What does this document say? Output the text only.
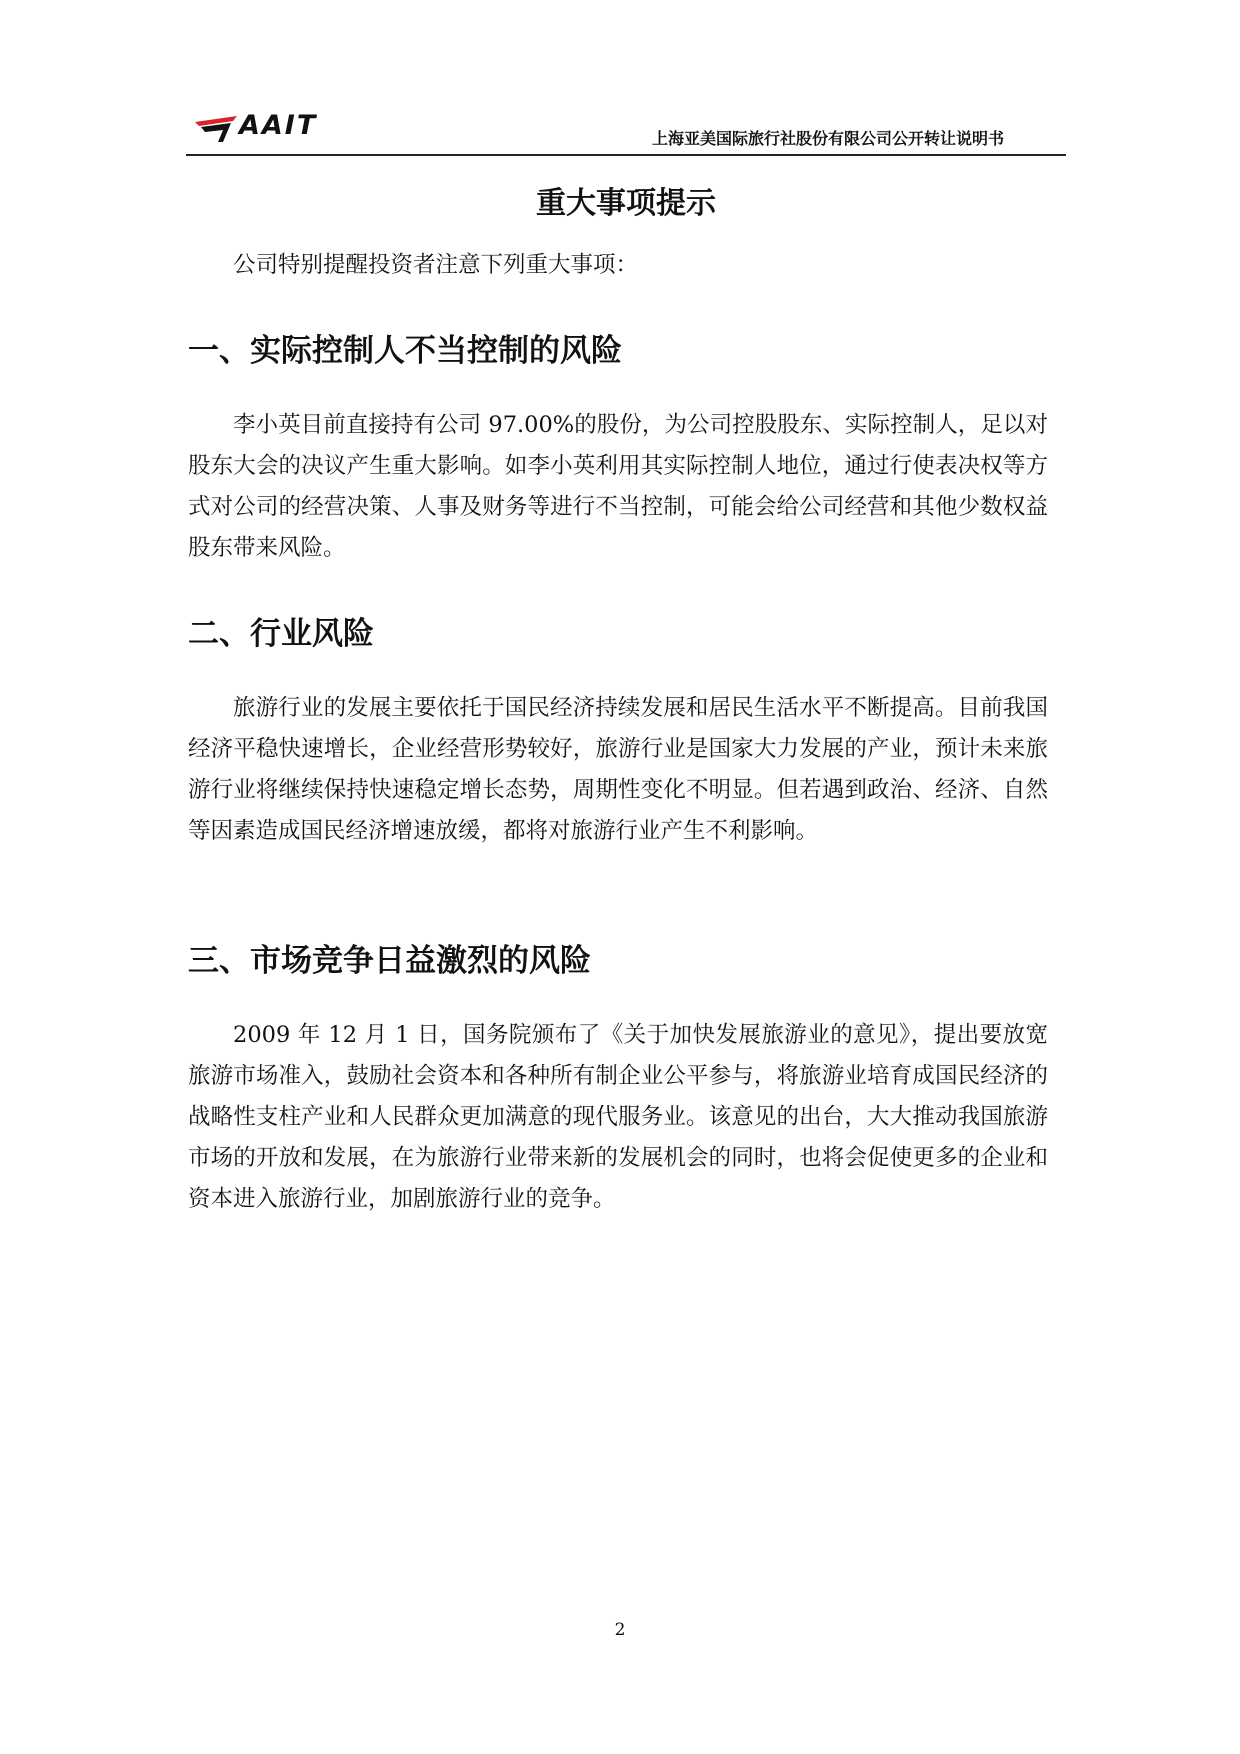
AAIT	上海亚美国际旅行社股份有限公司公开转让说明书
重大事项提示

公司特别提醒投资者注意下列重大事项：

一、实际控制人不当控制的风险

李小英目前直接持有公司 97.00%的股份，为公司控股股东、实际控制人，足以对股东大会的决议产生重大影响。如李小英利用其实际控制人地位，通过行使表决权等方式对公司的经营决策、人事及财务等进行不当控制，可能会给公司经营和其他少数权益股东带来风险。

二、行业风险

旅游行业的发展主要依托于国民经济持续发展和居民生活水平不断提高。目前我国经济平稳快速增长，企业经营形势较好，旅游行业是国家大力发展的产业，预计未来旅游行业将继续保持快速稳定增长态势，周期性变化不明显。但若遇到政治、经济、自然等因素造成国民经济增速放缓，都将对旅游行业产生不利影响。

三、市场竞争日益激烈的风险

2009 年 12 月 1 日，国务院颁布了《关于加快发展旅游业的意见》，提出要放宽旅游市场准入，鼓励社会资本和各种所有制企业公平参与，将旅游业培育成国民经济的战略性支柱产业和人民群众更加满意的现代服务业。该意见的出台，大大推动我国旅游市场的开放和发展，在为旅游行业带来新的发展机会的同时，也将会促使更多的企业和资本进入旅游行业，加剧旅游行业的竞争。

2
